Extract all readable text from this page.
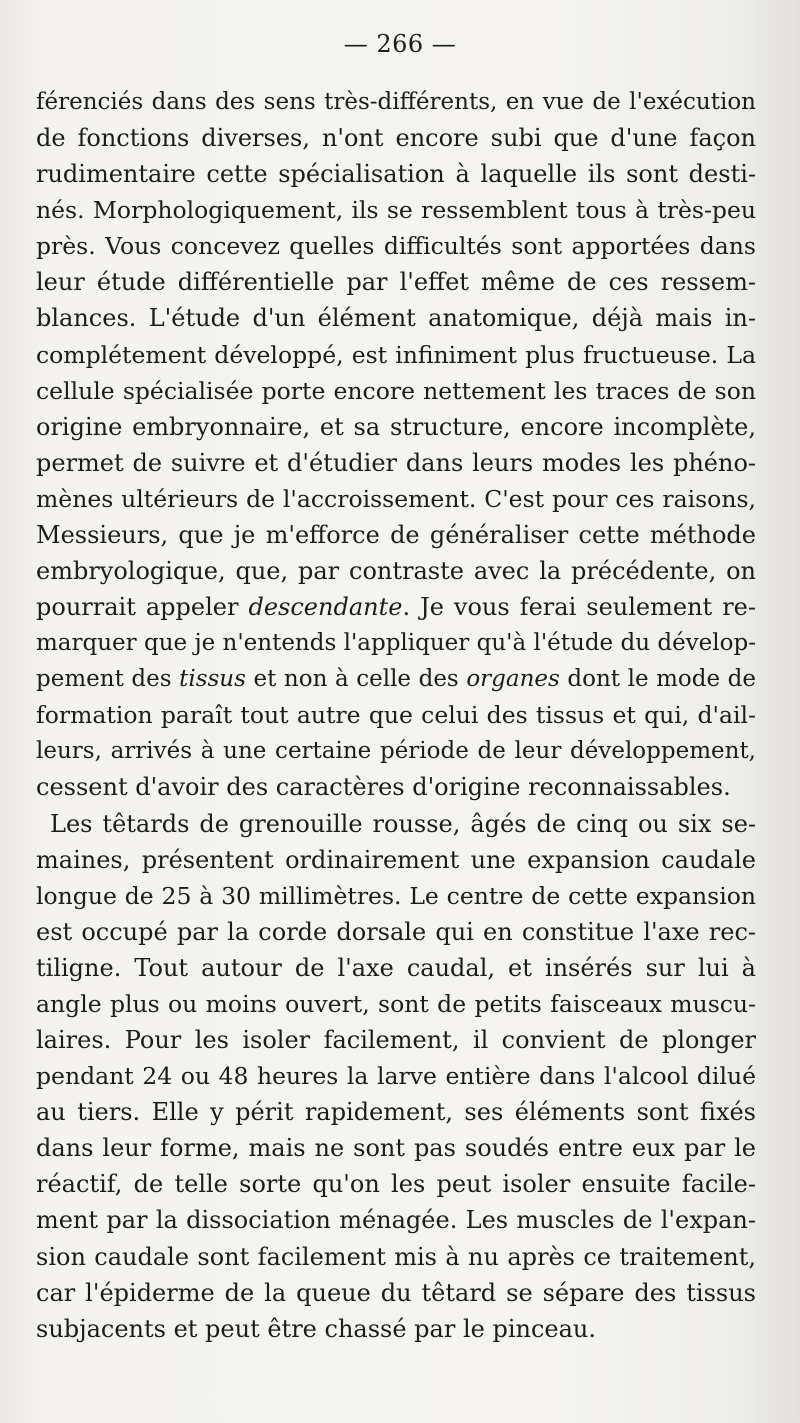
— 266 —
férenciés dans des sens très-différents, en vue de l'exécution
de fonctions diverses, n'ont encore subi que d'une façon
rudimentaire cette spécialisation à laquelle ils sont desti-
nés. Morphologiquement, ils se ressemblent tous à très-peu
près. Vous concevez quelles difficultés sont apportées dans
leur étude différentielle par l'effet même de ces ressem-
blances. L'étude d'un élément anatomique, déjà mais in-
complétement développé, est infiniment plus fructueuse. La
cellule spécialisée porte encore nettement les traces de son
origine embryonnaire, et sa structure, encore incomplète,
permet de suivre et d'étudier dans leurs modes les phéno-
mènes ultérieurs de l'accroissement. C'est pour ces raisons,
Messieurs, que je m'efforce de généraliser cette méthode
embryologique, que, par contraste avec la précédente, on
pourrait appeler descendante. Je vous ferai seulement re-
marquer que je n'entends l'appliquer qu'à l'étude du dévelop-
pement des tissus et non à celle des organes dont le mode de
formation paraît tout autre que celui des tissus et qui, d'ail-
leurs, arrivés à une certaine période de leur développement,
cessent d'avoir des caractères d'origine reconnaissables.
Les têtards de grenouille rousse, âgés de cinq ou six se-
maines, présentent ordinairement une expansion caudale
longue de 25 à 30 millimètres. Le centre de cette expansion
est occupé par la corde dorsale qui en constitue l'axe rec-
tiligne. Tout autour de l'axe caudal, et insérés sur lui à
angle plus ou moins ouvert, sont de petits faisceaux muscu-
laires. Pour les isoler facilement, il convient de plonger
pendant 24 ou 48 heures la larve entière dans l'alcool dilué
au tiers. Elle y périt rapidement, ses éléments sont fixés
dans leur forme, mais ne sont pas soudés entre eux par le
réactif, de telle sorte qu'on les peut isoler ensuite facile-
ment par la dissociation ménagée. Les muscles de l'expan-
sion caudale sont facilement mis à nu après ce traitement,
car l'épiderme de la queue du têtard se sépare des tissus
subjacents et peut être chassé par le pinceau.
